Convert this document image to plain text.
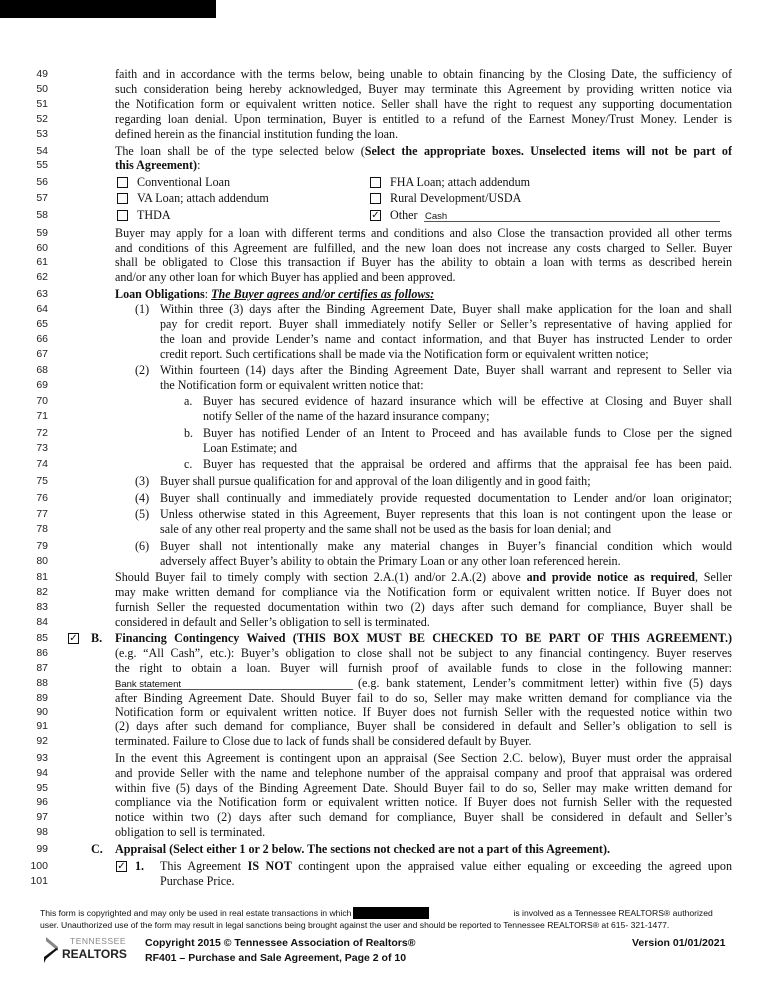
49	faith and in accordance with the terms below, being unable to obtain financing by the Closing Date, the sufficiency of
50	such consideration being hereby acknowledged, Buyer may terminate this Agreement by providing written notice via
51	the Notification form or equivalent written notice. Seller shall have the right to request any supporting documentation
52	regarding loan denial. Upon termination, Buyer is entitled to a refund of the Earnest Money/Trust Money. Lender is
53	defined herein as the financial institution funding the loan.
54	The loan shall be of the type selected below (Select the appropriate boxes. Unselected items will not be part of
55	this Agreement):
56	Conventional Loan	FHA Loan; attach addendum
57	VA Loan; attach addendum	Rural Development/USDA
58	THDA	✓ Other Cash
59	Buyer may apply for a loan with different terms and conditions and also Close the transaction provided all other terms
60	and conditions of this Agreement are fulfilled, and the new loan does not increase any costs charged to Seller. Buyer
61	shall be obligated to Close this transaction if Buyer has the ability to obtain a loan with terms as described herein
62	and/or any other loan for which Buyer has applied and been approved.
63	Loan Obligations: The Buyer agrees and/or certifies as follows:
64	(1) Within three (3) days after the Binding Agreement Date, Buyer shall make application for the loan and shall
65	pay for credit report. Buyer shall immediately notify Seller or Seller’s representative of having applied for
66	the loan and provide Lender’s name and contact information, and that Buyer has instructed Lender to order
67	credit report. Such certifications shall be made via the Notification form or equivalent written notice;
68	(2) Within fourteen (14) days after the Binding Agreement Date, Buyer shall warrant and represent to Seller via
69	the Notification form or equivalent written notice that:
70	a. Buyer has secured evidence of hazard insurance which will be effective at Closing and Buyer shall
71	notify Seller of the name of the hazard insurance company;
72	b. Buyer has notified Lender of an Intent to Proceed and has available funds to Close per the signed
73	Loan Estimate; and
74	c. Buyer has requested that the appraisal be ordered and affirms that the appraisal fee has been paid.
75	(3) Buyer shall pursue qualification for and approval of the loan diligently and in good faith;
76	(4) Buyer shall continually and immediately provide requested documentation to Lender and/or loan originator;
77	(5) Unless otherwise stated in this Agreement, Buyer represents that this loan is not contingent upon the lease or
78	sale of any other real property and the same shall not be used as the basis for loan denial; and
79	(6) Buyer shall not intentionally make any material changes in Buyer’s financial condition which would
80	adversely affect Buyer’s ability to obtain the Primary Loan or any other loan referenced herein.
81	Should Buyer fail to timely comply with section 2.A.(1) and/or 2.A.(2) above and provide notice as required, Seller
82	may make written demand for compliance via the Notification form or equivalent written notice. If Buyer does not
83	furnish Seller the requested documentation within two (2) days after such demand for compliance, Buyer shall be
84	considered in default and Seller’s obligation to sell is terminated.
85 ✓ B. Financing Contingency Waived (THIS BOX MUST BE CHECKED TO BE PART OF THIS AGREEMENT.)
86	(e.g. “All Cash”, etc.): Buyer’s obligation to close shall not be subject to any financial contingency. Buyer reserves
87	the right to obtain a loan. Buyer will furnish proof of available funds to close in the following manner:
88	Bank statement	(e.g. bank statement, Lender’s commitment letter) within five (5) days
89	after Binding Agreement Date. Should Buyer fail to do so, Seller may make written demand for compliance via the
90	Notification form or equivalent written notice. If Buyer does not furnish Seller with the requested notice within two
91	(2) days after such demand for compliance, Buyer shall be considered in default and Seller’s obligation to sell is
92	terminated. Failure to Close due to lack of funds shall be considered default by Buyer.
93	In the event this Agreement is contingent upon an appraisal (See Section 2.C. below), Buyer must order the appraisal
94	and provide Seller with the name and telephone number of the appraisal company and proof that appraisal was ordered
95	within five (5) days of the Binding Agreement Date. Should Buyer fail to do so, Seller may make written demand for
96	compliance via the Notification form or equivalent written notice. If Buyer does not furnish Seller with the requested
97	notice within two (2) days after such demand for compliance, Buyer shall be considered in default and Seller’s
98	obligation to sell is terminated.
99	C. Appraisal (Select either 1 or 2 below. The sections not checked are not a part of this Agreement).
100	✓ 1. This Agreement IS NOT contingent upon the appraised value either equaling or exceeding the agreed upon
101	Purchase Price.
This form is copyrighted and may only be used in real estate transactions in which	is involved as a Tennessee REALTORS® authorized
user. Unauthorized use of the form may result in legal sanctions being brought against the user and should be reported to Tennessee REALTORS® at 615- 321-1477.
TENNESSEE
REALTORS
Copyright 2015 © Tennessee Association of Realtors®
RF401 – Purchase and Sale Agreement, Page 2 of 10
Version 01/01/2021
